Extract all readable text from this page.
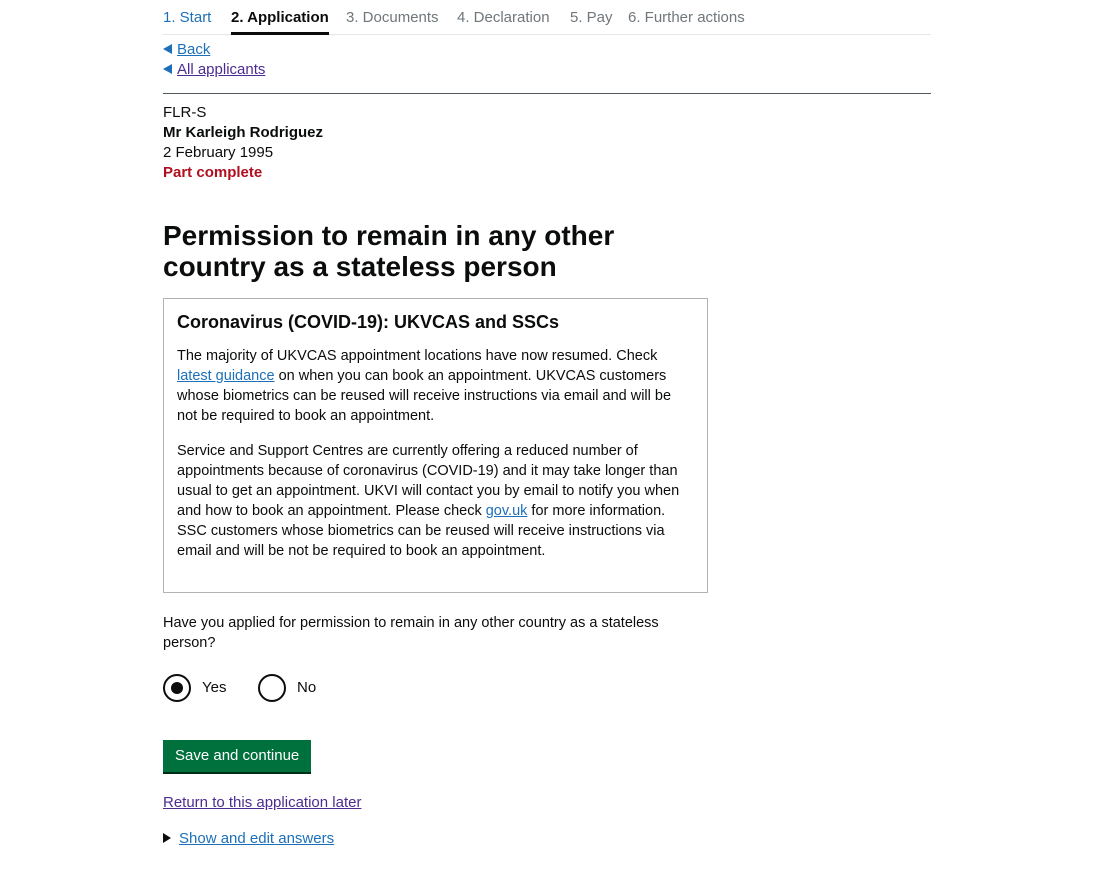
1. Start 2. Application 3. Documents 4. Declaration 5. Pay 6. Further actions
Back
All applicants
FLR-S
Mr Karleigh Rodriguez
2 February 1995
Part complete
Permission to remain in any other country as a stateless person
Coronavirus (COVID-19): UKVCAS and SSCs

The majority of UKVCAS appointment locations have now resumed. Check latest guidance on when you can book an appointment. UKVCAS customers whose biometrics can be reused will receive instructions via email and will be not be required to book an appointment.

Service and Support Centres are currently offering a reduced number of appointments because of coronavirus (COVID-19) and it may take longer than usual to get an appointment. UKVI will contact you by email to notify you when and how to book an appointment. Please check gov.uk for more information. SSC customers whose biometrics can be reused will receive instructions via email and will be not be required to book an appointment.

Have you applied for permission to remain in any other country as a stateless person?
Yes	No
Save and continue
Return to this application later
Show and edit answers
